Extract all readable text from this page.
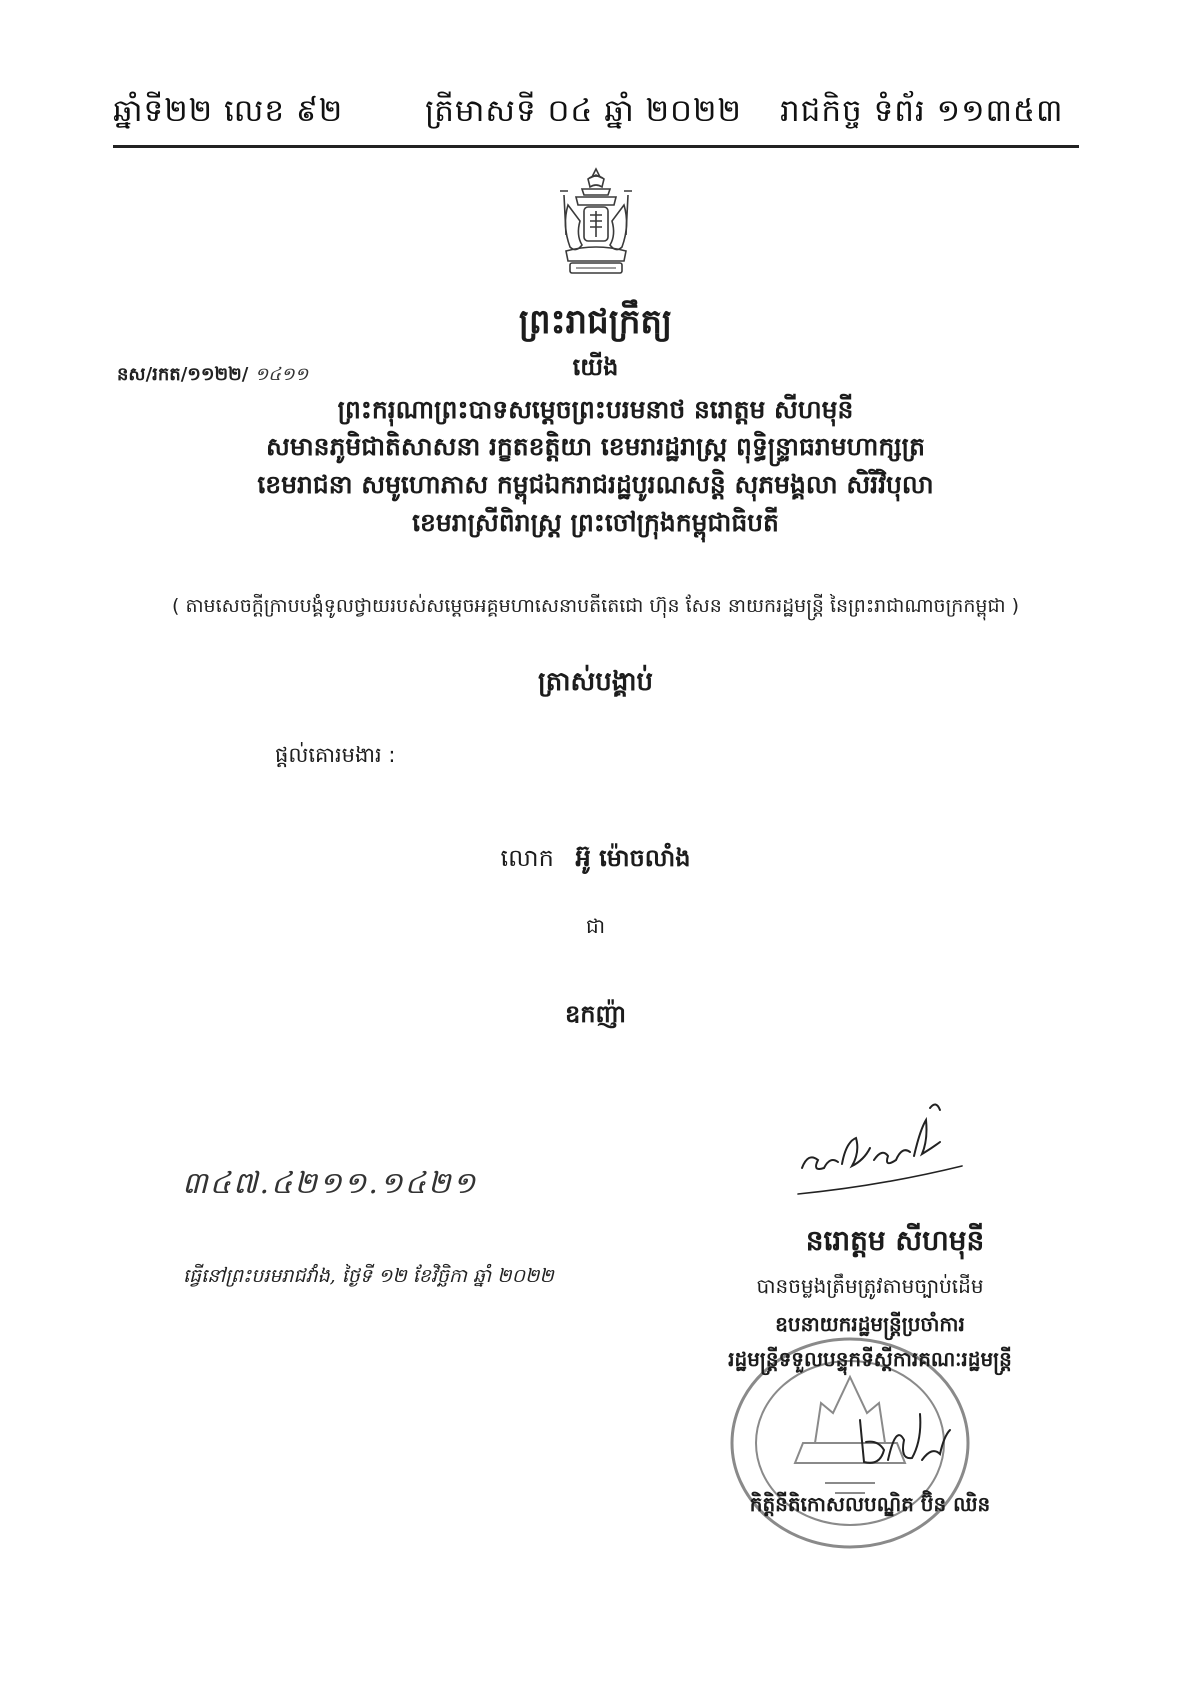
ឆ្នាំទី២២ លេខ ៩២	ត្រីមាសទី ០៤ ឆ្នាំ ២០២២ រាជកិច្ច ទំព័រ ១១៣៥៣
ព្រះរាជក្រឹត្យ
នស/រកត/១១២២/ ១៤១១	យើង
ព្រះករុណាព្រះបាទសម្តេចព្រះបរមនាថ នរោត្តម សីហមុនី
សមានភូមិជាតិសាសនា រក្ខតខត្តិយា ខេមរារដ្ឋរាស្ត្រ ពុទ្ធិន្ទ្រាធរាមហាក្សត្រ
ខេមរាជនា សមូហោភាស កម្ពុជឯករាជរដ្ឋបូរណសន្តិ សុភមង្គលា សិរីវិបុលា
ខេមរាស្រីពិរាស្ត្រ ព្រះចៅក្រុងកម្ពុជាធិបតី
( តាមសេចក្តីក្រាបបង្គំទូលថ្វាយរបស់សម្តេចអគ្គមហាសេនាបតីតេជោ ហ៊ុន សែន នាយករដ្ឋមន្ត្រី នៃព្រះរាជាណាចក្រកម្ពុជា )
ត្រាស់បង្គាប់
ផ្តល់គោរមងារ :
លោក អ៊ូ ម៉ោចលាំង
ជា
ឧកញ៉ា
៣៤៧.៤២១១.១៤២១
ធ្វើនៅព្រះបរមរាជវាំង, ថ្ងៃទី ១២ ខែវិច្ឆិកា ឆ្នាំ ២០២២
នរោត្តម សីហមុនី
បានចម្លងត្រឹមត្រូវតាមច្បាប់ដើម
ឧបនាយករដ្ឋមន្ត្រីប្រចាំការ
រដ្ឋមន្ត្រីទទួលបន្ទុកទីស្តីការគណៈរដ្ឋមន្ត្រី
កិត្តិនីតិកោសលបណ្ឌិត ប៊ិន ឈិន
